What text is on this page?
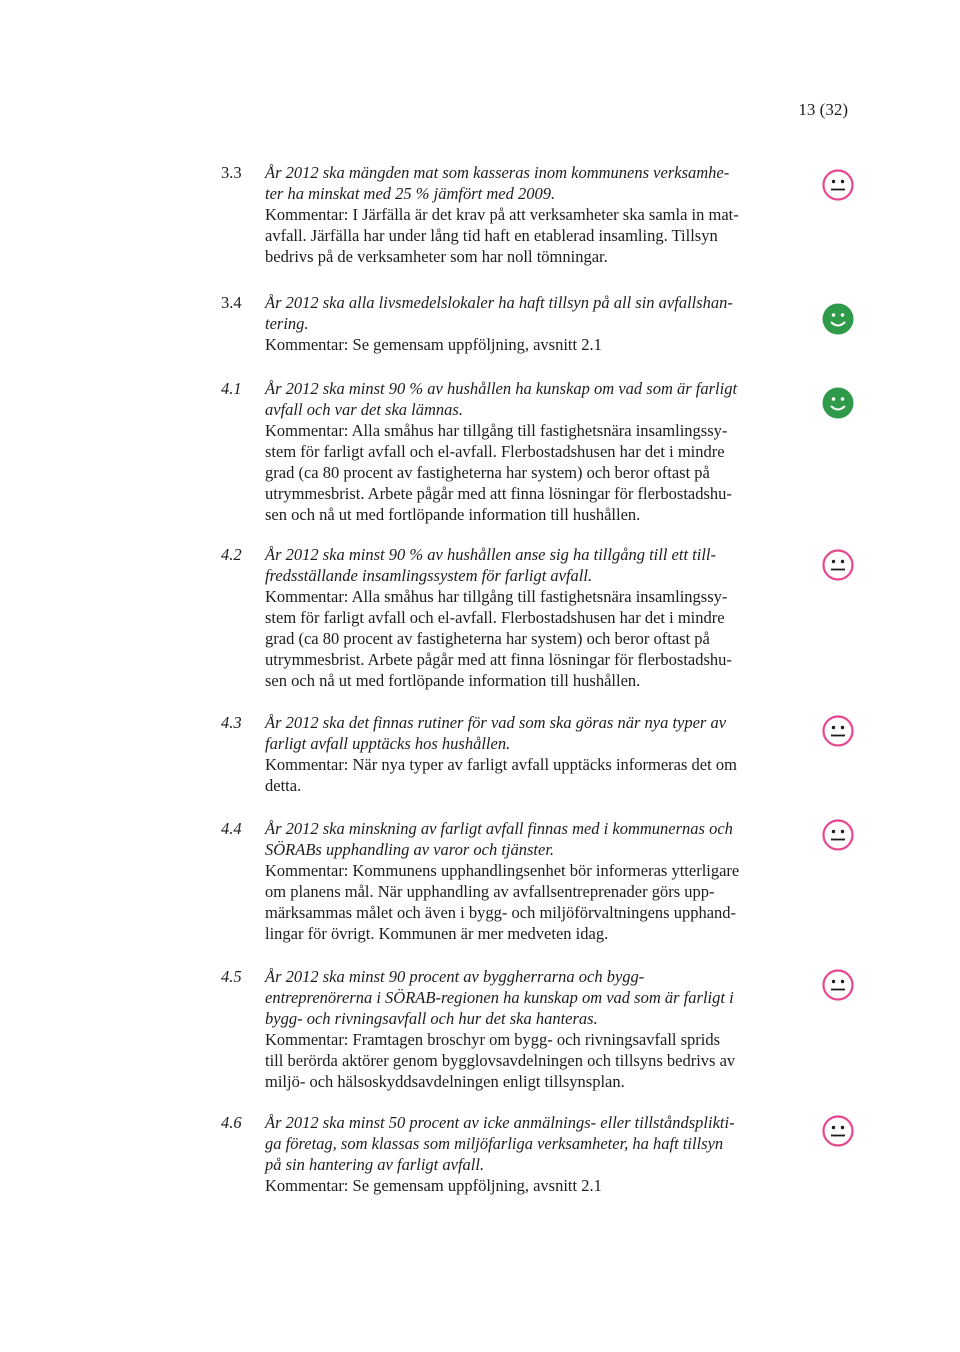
13 (32)
3.3	År 2012 ska mängden mat som kasseras inom kommunens verksamhe-
ter ha minskat med 25 % jämfört med 2009.
Kommentar: I Järfälla är det krav på att verksamheter ska samla in mat-
avfall. Järfälla har under lång tid haft en etablerad insamling. Tillsyn
bedrivs på de verksamheter som har noll tömningar.
3.4	År 2012 ska alla livsmedelslokaler ha haft tillsyn på all sin avfallshan-
tering.
Kommentar: Se gemensam uppföljning, avsnitt 2.1
4.1	År 2012 ska minst 90 % av hushållen ha kunskap om vad som är farligt
avfall och var det ska lämnas.
Kommentar: Alla småhus har tillgång till fastighetsnära insamlingssy-
stem för farligt avfall och el-avfall. Flerbostadshusen har det i mindre
grad (ca 80 procent av fastigheterna har system) och beror oftast på
utrymmesbrist. Arbete pågår med att finna lösningar för flerbostadshu-
sen och nå ut med fortlöpande information till hushållen.
4.2	År 2012 ska minst 90 % av hushållen anse sig ha tillgång till ett till-
fredsställande insamlingssystem för farligt avfall.
Kommentar: Alla småhus har tillgång till fastighetsnära insamlingssy-
stem för farligt avfall och el-avfall. Flerbostadshusen har det i mindre
grad (ca 80 procent av fastigheterna har system) och beror oftast på
utrymmesbrist. Arbete pågår med att finna lösningar för flerbostadshu-
sen och nå ut med fortlöpande information till hushållen.
4.3	År 2012 ska det finnas rutiner för vad som ska göras när nya typer av
farligt avfall upptäcks hos hushållen.
Kommentar: När nya typer av farligt avfall upptäcks informeras det om
detta.
4.4	År 2012 ska minskning av farligt avfall finnas med i kommunernas och
SÖRABs upphandling av varor och tjänster.
Kommentar: Kommunens upphandlingsenhet bör informeras ytterligare
om planens mål. När upphandling av avfallsentreprenader görs upp-
märksammas målet och även i bygg- och miljöförvaltningens upphand-
lingar för övrigt. Kommunen är mer medveten idag.
4.5	År 2012 ska minst 90 procent av byggherrarna och bygg-
entreprenörerna i SÖRAB-regionen ha kunskap om vad som är farligt i
bygg- och rivningsavfall och hur det ska hanteras.
Kommentar: Framtagen broschyr om bygg- och rivningsavfall sprids
till berörda aktörer genom bygglovsavdelningen och tillsyns bedrivs av
miljö- och hälsoskyddsavdelningen enligt tillsynsplan.
4.6	År 2012 ska minst 50 procent av icke anmälnings- eller tillståndsplikti-
ga företag, som klassas som miljöfarliga verksamheter, ha haft tillsyn
på sin hantering av farligt avfall.
Kommentar: Se gemensam uppföljning, avsnitt 2.1
